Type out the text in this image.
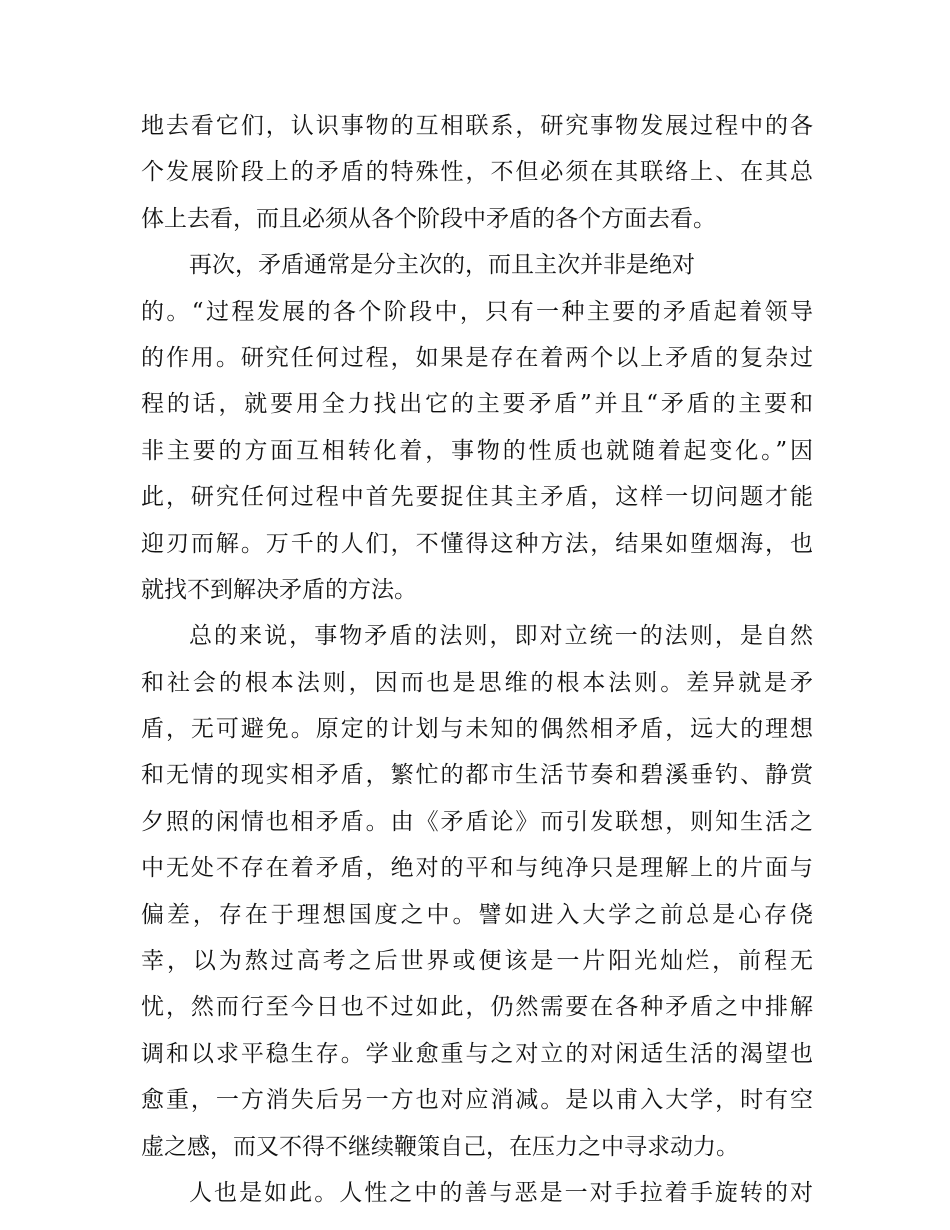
地去看它们，认识事物的互相联系，研究事物发展过程中的各
个发展阶段上的矛盾的特殊性，不但必须在其联络上、在其总
体上去看，而且必须从各个阶段中矛盾的各个方面去看。
再次，矛盾通常是分主次的，而且主次并非是绝对
的。“过程发展的各个阶段中，只有一种主要的矛盾起着领导
的作用。研究任何过程，如果是存在着两个以上矛盾的复杂过
程的话，就要用全力找出它的主要矛盾”并且“矛盾的主要和
非主要的方面互相转化着，事物的性质也就随着起变化。”因
此，研究任何过程中首先要捉住其主矛盾，这样一切问题才能
迎刃而解。万千的人们，不懂得这种方法，结果如堕烟海，也
就找不到解决矛盾的方法。
总的来说，事物矛盾的法则，即对立统一的法则，是自然
和社会的根本法则，因而也是思维的根本法则。差异就是矛
盾，无可避免。原定的计划与未知的偶然相矛盾，远大的理想
和无情的现实相矛盾，繁忙的都市生活节奏和碧溪垂钓、静赏
夕照的闲情也相矛盾。由《矛盾论》而引发联想，则知生活之
中无处不存在着矛盾，绝对的平和与纯净只是理解上的片面与
偏差，存在于理想国度之中。譬如进入大学之前总是心存侥
幸，以为熬过高考之后世界或便该是一片阳光灿烂，前程无
忧，然而行至今日也不过如此，仍然需要在各种矛盾之中排解
调和以求平稳生存。学业愈重与之对立的对闲适生活的渴望也
愈重，一方消失后另一方也对应消减。是以甫入大学，时有空
虚之感，而又不得不继续鞭策自己，在压力之中寻求动力。
人也是如此。人性之中的善与恶是一对手拉着手旋转的对
